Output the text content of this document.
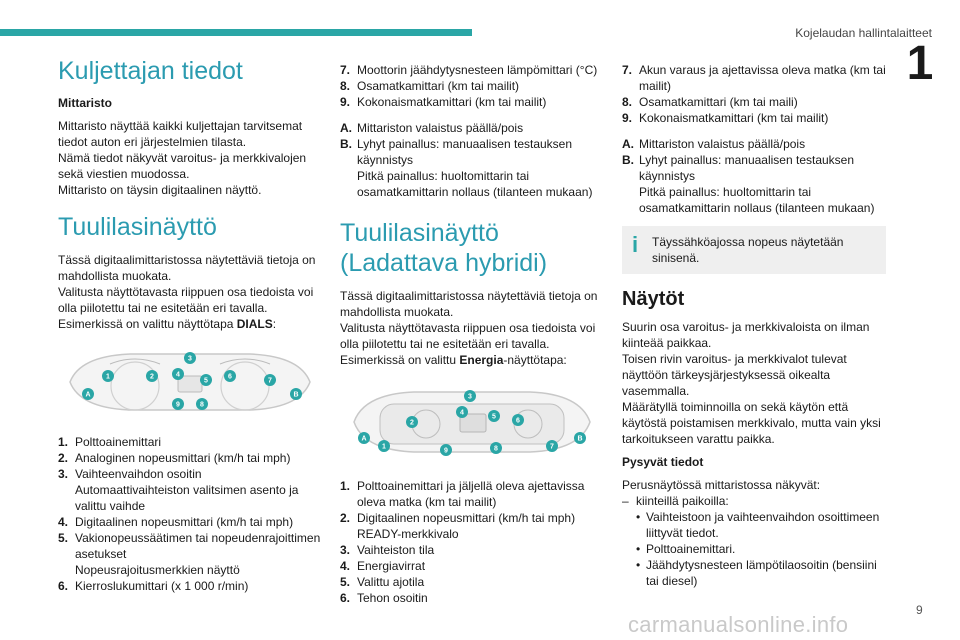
Kojelaudan hallintalaitteet
1
Kuljettajan tiedot
Mittaristo
Mittaristo näyttää kaikki kuljettajan tarvitsemat tiedot auton eri järjestelmien tilasta.
Nämä tiedot näkyvät varoitus- ja merkkivalojen sekä viestien muodossa.
Mittaristo on täysin digitaalinen näyttö.
Tuulilasinäyttö
Tässä digitaalimittaristossa näytettäviä tietoja on mahdollista muokata.
Valitusta näyttötavasta riippuen osa tiedoista voi olla piilotettu tai ne esitetään eri tavalla.
Esimerkissä on valittu näyttötapa DIALS:
A
1	2
3
4
5
6
7
8
9
B
1. Polttoainemittari
2. Analoginen nopeusmittari (km/h tai mph)
3. Vaihteenvaihdon osoitin
Automaattivaihteiston valitsimen asento ja valittu vaihde
4. Digitaalinen nopeusmittari (km/h tai mph)
5. Vakionopeussäätimen tai nopeudenrajoittimen asetukset
Nopeusrajoitusmerkkien näyttö
6. Kierroslukumittari (x 1 000 r/min)
7. Moottorin jäähdytysnesteen lämpömittari (°C)
8. Osamatkamittari (km tai mailit)
9. Kokonaismatkamittari (km tai mailit)
A. Mittariston valaistus päällä/pois
B. Lyhyt painallus: manuaalisen testauksen käynnistys
Pitkä painallus: huoltomittarin tai osamatkamittarin nollaus (tilanteen mukaan)
Tuulilasinäyttö (Ladattava hybridi)
Tässä digitaalimittaristossa näytettäviä tietoja on mahdollista muokata.
Valitusta näyttötavasta riippuen osa tiedoista voi olla piilotettu tai ne esitetään eri tavalla.
Esimerkissä on valittu Energia-näyttötapa:
A
1
2
3
4
5
6
7
8
9
B
1. Polttoainemittari ja jäljellä oleva ajettavissa oleva matka (km tai mailit)
2. Digitaalinen nopeusmittari (km/h tai mph) READY-merkkivalo
3. Vaihteiston tila
4. Energiavirrat
5. Valittu ajotila
6. Tehon osoitin
7. Akun varaus ja ajettavissa oleva matka (km tai mailit)
8. Osamatkamittari (km tai maili)
9. Kokonaismatkamittari (km tai mailit)
A. Mittariston valaistus päällä/pois
B. Lyhyt painallus: manuaalisen testauksen käynnistys
Pitkä painallus: huoltomittarin tai osamatkamittarin nollaus (tilanteen mukaan)
i Täyssähköajossa nopeus näytetään sinisenä.
Näytöt
Suurin osa varoitus- ja merkkivaloista on ilman kiinteää paikkaa.
Toisen rivin varoitus- ja merkkivalot tulevat näyttöön tärkeysjärjestyksessä oikealta vasemmalla.
Määrätyllä toiminnoilla on sekä käytön että käytöstä poistamisen merkkivalo, mutta vain yksi tarkoitukseen varattu paikka.
Pysyvät tiedot
Perusnäytössä mittaristossa näkyvät:
– kiinteillä paikoilla:
• Vaihteistoon ja vaihteenvaihdon osoittimeen liittyvät tiedot.
• Polttoainemittari.
• Jäähdytysnesteen lämpötilaosoitin (bensiini tai diesel)
9
carmanualsonline.info
